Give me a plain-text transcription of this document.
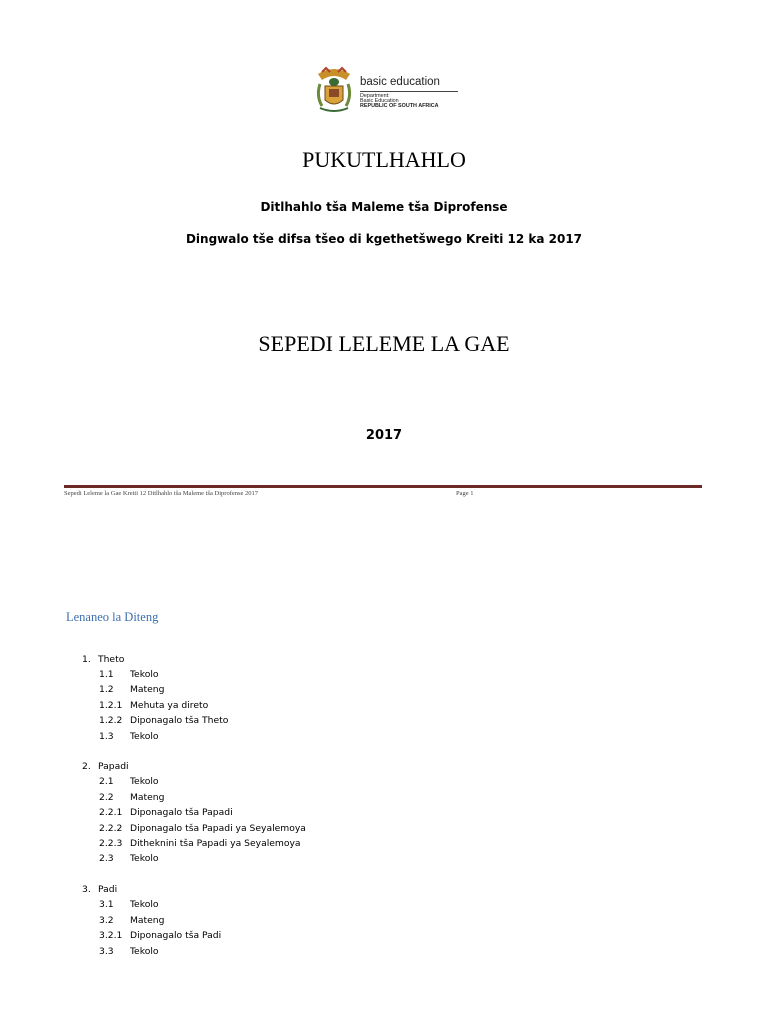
basic education
Department:
Basic Education
REPUBLIC OF SOUTH AFRICA
PUKUTLHAHLO
Ditlhahlo tša Maleme tša Diprofense
Dingwalo tše difsa tšeo di kgethetšwego Kreiti 12 ka 2017
SEPEDI LELEME LA GAE
2017
Sepedi Leleme la Gae Kreiti 12 Ditlhahlo tša Maleme tša Diprofense 2017	Page 1
Lenaneo la Diteng
1. Theto
1.1 Tekolo
1.2 Mateng
1.2.1 Mehuta ya direto
1.2.2 Diponagalo tša Theto
1.3 Tekolo
2. Papadi
2.1 Tekolo
2.2 Mateng
2.2.1 Diponagalo tša Papadi
2.2.2 Diponagalo tša Papadi ya Seyalemoya
2.2.3 Ditheknini tša Papadi ya Seyalemoya
2.3 Tekolo
3. Padi
3.1 Tekolo
3.2 Mateng
3.2.1 Diponagalo tša Padi
3.3 Tekolo
